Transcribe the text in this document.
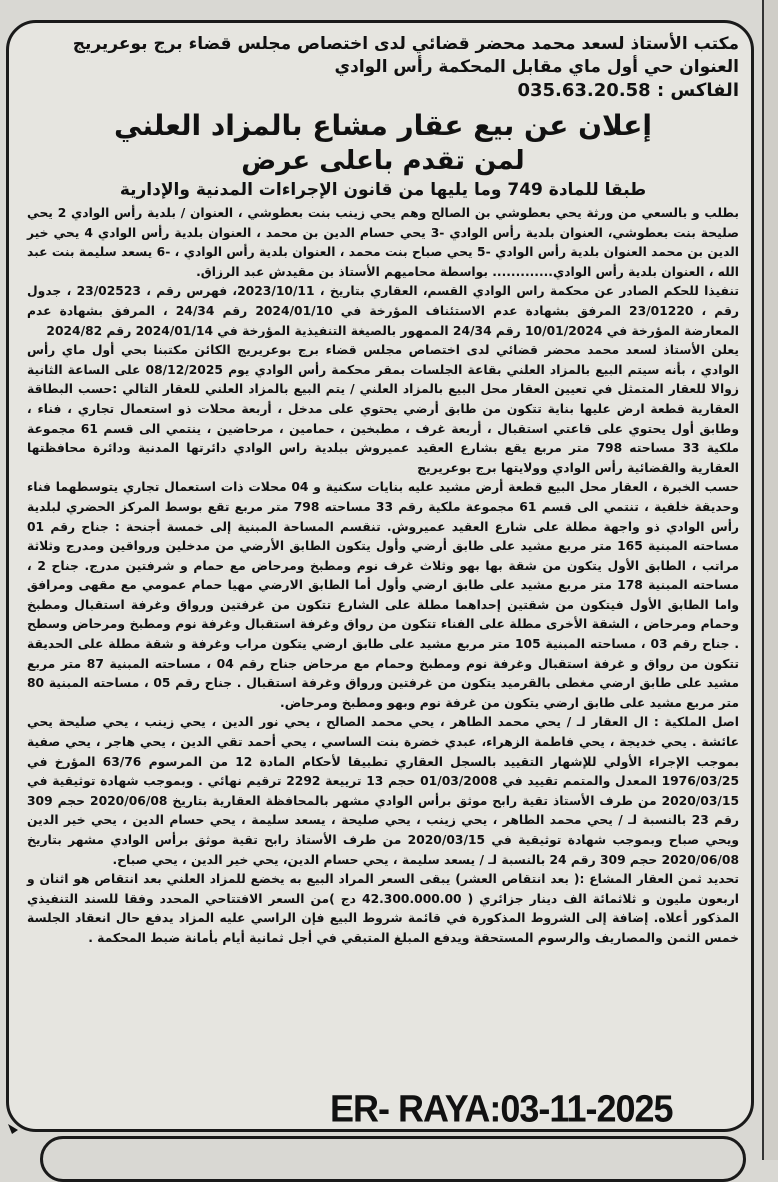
مكتب الأستاذ لسعد محمد محضر قضائي لدى اختصاص مجلس قضاء برج بوعريريج
العنوان حي أول ماي مقابل المحكمة رأس الوادي
الفاكس : 035.63.20.58
إعلان عن بيع عقار مشاع بالمزاد العلني
لمن تقدم باعلى عرض
طبقا للمادة 749 وما يليها من قانون الإجراءات المدنية والإدارية

بطلب و بالسعي من ورثة يحي بعطوشي بن الصالح وهم يحي زينب بنت بعطوشي ، العنوان / بلدية رأس الوادي 2 يحي صليحة بنت بعطوشي، العنوان بلدية رأس الوادي -3 يحي حسام الدين بن محمد ، العنوان بلدية رأس الوادي 4 يحي خير الدين بن محمد العنوان بلدية رأس الوادي -5 يحي صباح بنت محمد ، العنوان بلدية رأس الوادي ، -6 يسعد سليمة بنت عبد الله ، العنوان بلدية رأس الوادي............. بواسطة محاميهم الأستاذ بن مقيدش عبد الرزاق.

تنفيذا للحكم الصادر عن محكمة راس الوادي القسم، العقاري بتاريخ ، 2023/10/11، فهرس رقم ، 23/02523 ، جدول رقم ، 23/01220 المرفق بشهادة عدم الاستئناف المؤرخة في 2024/01/10 رقم 24/34 ، المرفق بشهادة عدم المعارضة المؤرخة في 10/01/2024 رقم 24/34 الممهور بالصيغة التنفيذية المؤرخة في 2024/01/14 رقم 2024/82

يعلن الأستاذ لسعد محمد محضر قضائي لدى اختصاص مجلس قضاء برج بوعريريج الكائن مكتبنا بحي أول ماي رأس الوادي ، بأنه سيتم البيع بالمزاد العلني بقاعة الجلسات بمقر محكمة رأس الوادي يوم 08/12/2025 على الساعة الثانية زوالا للعقار المتمثل في تعيين العقار محل البيع بالمزاد العلني / يتم البيع بالمزاد العلني للعقار التالي :حسب البطاقة العقارية قطعة ارض عليها بناية تتكون من طابق أرضي يحتوي على مدخل ، أربعة محلات ذو استعمال تجاري ، فناء ، وطابق أول يحتوي على قاعتي استقبال ، أربعة غرف ، مطبخين ، حمامين ، مرحاضين ، ينتمي الى قسم 61 مجموعة ملكية 33 مساحته 798 متر مربع يقع بشارع العقيد عميروش ببلدية راس الوادي دائرتها المدنية ودائرة محافظتها العقارية والقضائية رأس الوادي وولايتها برج بوعريريج

حسب الخبرة ، العقار محل البيع قطعة أرض مشيد عليه بنايات سكنية و 04 محلات ذات استعمال تجاري يتوسطهما فناء وحديقة خلفية ، تنتمي الى قسم 61 مجموعة ملكية رقم 33 مساحته 798 متر مربع تقع بوسط المركز الحضري لبلدية رأس الوادي ذو واجهة مطلة على شارع العقيد عميروش. تنقسم المساحة المبنية إلى خمسة أجنحة : جناح رقم 01 مساحته المبنية 165 متر مربع مشيد على طابق أرضي وأول يتكون الطابق الأرضي من مدخلين ورواقين ومدرج وثلاثة مراتب ، الطابق الأول يتكون من شقة بها بهو وثلاث غرف نوم ومطبخ ومرحاض مع حمام و شرفتين مدرج. جناح 2 ، مساحته المبنية 178 متر مربع مشيد على طابق ارضي وأول أما الطابق الارضي مهيا حمام عمومي مع مقهى ومرافق واما الطابق الأول فيتكون من شقتين إحداهما مطلة على الشارع تتكون من غرفتين ورواق وغرفة استقبال ومطبخ وحمام ومرحاض ، الشقة الأخرى مطلة على الفناء تتكون من رواق وغرفة استقبال وغرفة نوم ومطبخ ومرحاض وسطح . جناح رقم 03 ، مساحته المبنية 105 متر مربع مشيد على طابق ارضي يتكون مراب وغرفة و شقة مطلة على الحديقة تتكون من رواق و غرفة استقبال وغرفة نوم ومطبخ وحمام مع مرحاض جناح رقم 04 ، مساحته المبنية 87 متر مربع مشيد على طابق ارضي مغطى بالقرميد يتكون من غرفتين ورواق وغرفة استقبال . جناح رقم 05 ، مساحته المبنية 80 متر مربع مشيد على طابق ارضي يتكون من غرفة نوم وبهو ومطبخ ومرحاض.

اصل الملكية : ال العقار لـ / يحي محمد الطاهر ، يحي محمد الصالح ، يحي نور الدين ، يحي زينب ، يحي صليحة يحي عائشة . يحي خديجة ، يحي فاطمة الزهراء، عبدي خضرة بنت الساسي ، يحي أحمد تقي الدين ، يحي هاجر ، يحي صفية بموجب الإجراء الأولي للإشهار التقييد بالسجل العقاري تطبيقا لأحكام المادة 12 من المرسوم 63/76 المؤرخ في 1976/03/25 المعدل والمتمم تقييد في 01/03/2008 حجم 13 ترييعة 2292 ترقيم نهائي . وبموجب شهادة توثيقية في 2020/03/15 من طرف الأستاذ تقية رابح موثق برأس الوادي مشهر بالمحافظة العقارية بتاريخ 2020/06/08 حجم 309 رقم 23 بالنسبة لـ / يحي محمد الطاهر ، يحي زينب ، يحي صليحة ، يسعد سليمة ، يحي حسام الدين ، يحي خير الدين ويحي صباح وبموجب شهادة توثيقية في 2020/03/15 من طرف الأستاذ رابح تقية موثق برأس الوادي مشهر بتاريخ 2020/06/08 حجم 309 رقم 24 بالنسبة لـ / يسعد سليمة ، يحي حسام الدين، يحي خير الدين ، يحي صباح.

تحديد ثمن العقار المشاع :( بعد انتقاص العشر) يبقى السعر المراد البيع به يخضع للمزاد العلني بعد انتقاص هو اثنان و اربعون مليون و ثلاثمائة الف دينار جزائري ( 42.300.000.00 دج )من السعر الافتتاحي المحدد وفقا للسند التنفيذي المذكور أعلاه. إضافة إلى الشروط المذكورة في قائمة شروط البيع فإن الراسي عليه المزاد يدفع حال انعقاد الجلسة خمس الثمن والمصاريف والرسوم المستحقة ويدفع المبلغ المتبقي في أجل ثمانية أيام بأمانة ضبط المحكمة .

ER- RAYA:03-11-2025
